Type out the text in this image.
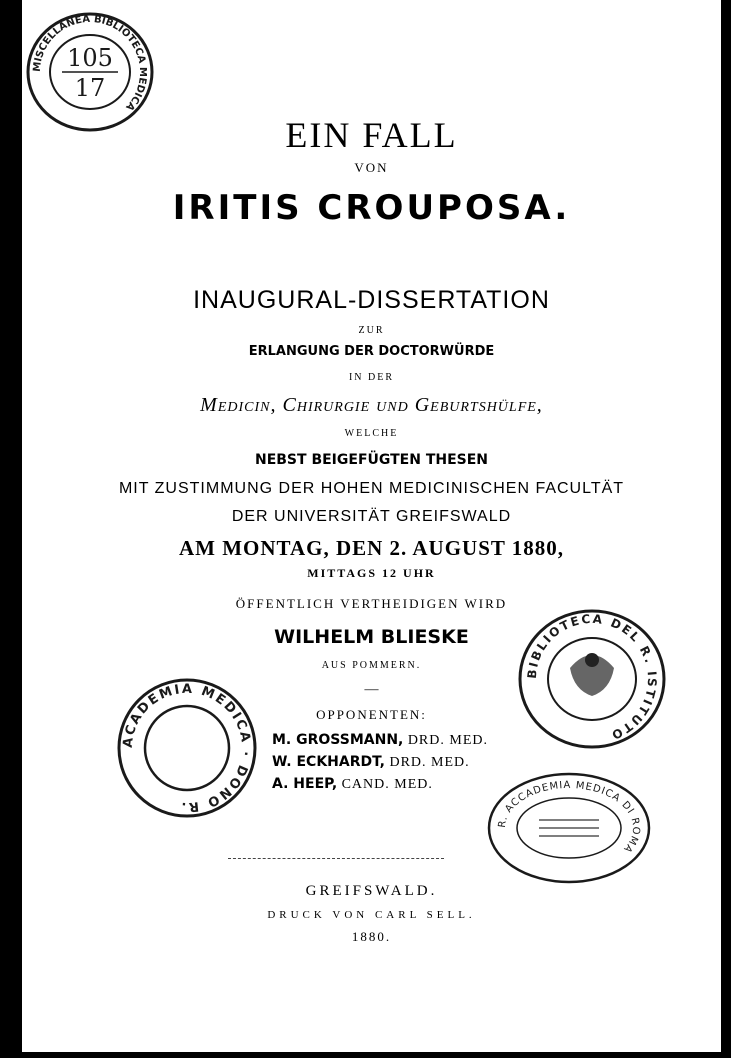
EIN FALL
VON
IRITIS CROUPOSA.
INAUGURAL-DISSERTATION
ZUR
ERLANGUNG DER DOCTORWÜRDE
IN DER
Medicin, Chirurgie und Geburtshülfe,
WELCHE
NEBST BEIGEFÜGTEN THESEN
MIT ZUSTIMMUNG DER HOHEN MEDICINISCHEN FACULTÄT
DER UNIVERSITÄT GREIFSWALD
AM MONTAG, DEN 2. AUGUST 1880,
MITTAGS 12 UHR
ÖFFENTLICH VERTHEIDIGEN WIRD
WILHELM BLIESKE
AUS POMMERN.
—
OPPONENTEN:
M. GROSSMANN, DRD. MED.
W. ECKHARDT, DRD. MED.
A. HEEP, CAND. MED.
GREIFSWALD.
DRUCK VON CARL SELL.
1880.
MISCELLANEA BIBLIOTECA MEDICA
105
17
ACADEMIA MEDICA · DONO R.
BIBLIOTECA DEL R. ISTITUTO
R. ACCADEMIA MEDICA DI ROMA
